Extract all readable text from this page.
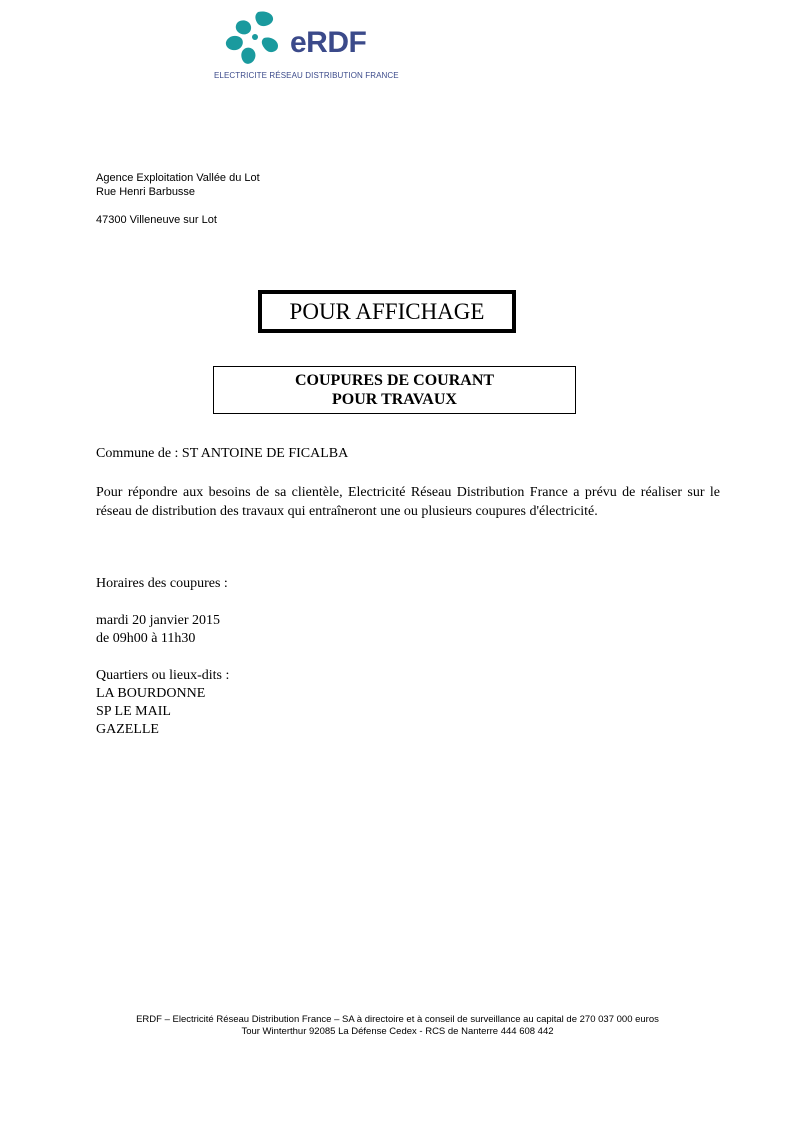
eRDF
ELECTRICITE RÉSEAU DISTRIBUTION FRANCE
Agence Exploitation Vallée du Lot
Rue Henri Barbusse
47300 Villeneuve sur Lot
POUR AFFICHAGE
COUPURES DE COURANT
POUR TRAVAUX
Commune de : ST ANTOINE DE FICALBA
Pour répondre aux besoins de sa clientèle, Electricité Réseau Distribution France a prévu de réaliser sur le réseau de distribution des travaux qui entraîneront une ou plusieurs coupures d'électricité.
Horaires des coupures :
mardi 20 janvier 2015
de 09h00 à 11h30
Quartiers ou lieux-dits :
LA BOURDONNE
SP LE MAIL
GAZELLE
ERDF – Electricité Réseau Distribution France – SA à directoire et à conseil de surveillance au capital de 270 037 000 euros
Tour Winterthur 92085 La Défense Cedex - RCS de Nanterre 444 608 442
